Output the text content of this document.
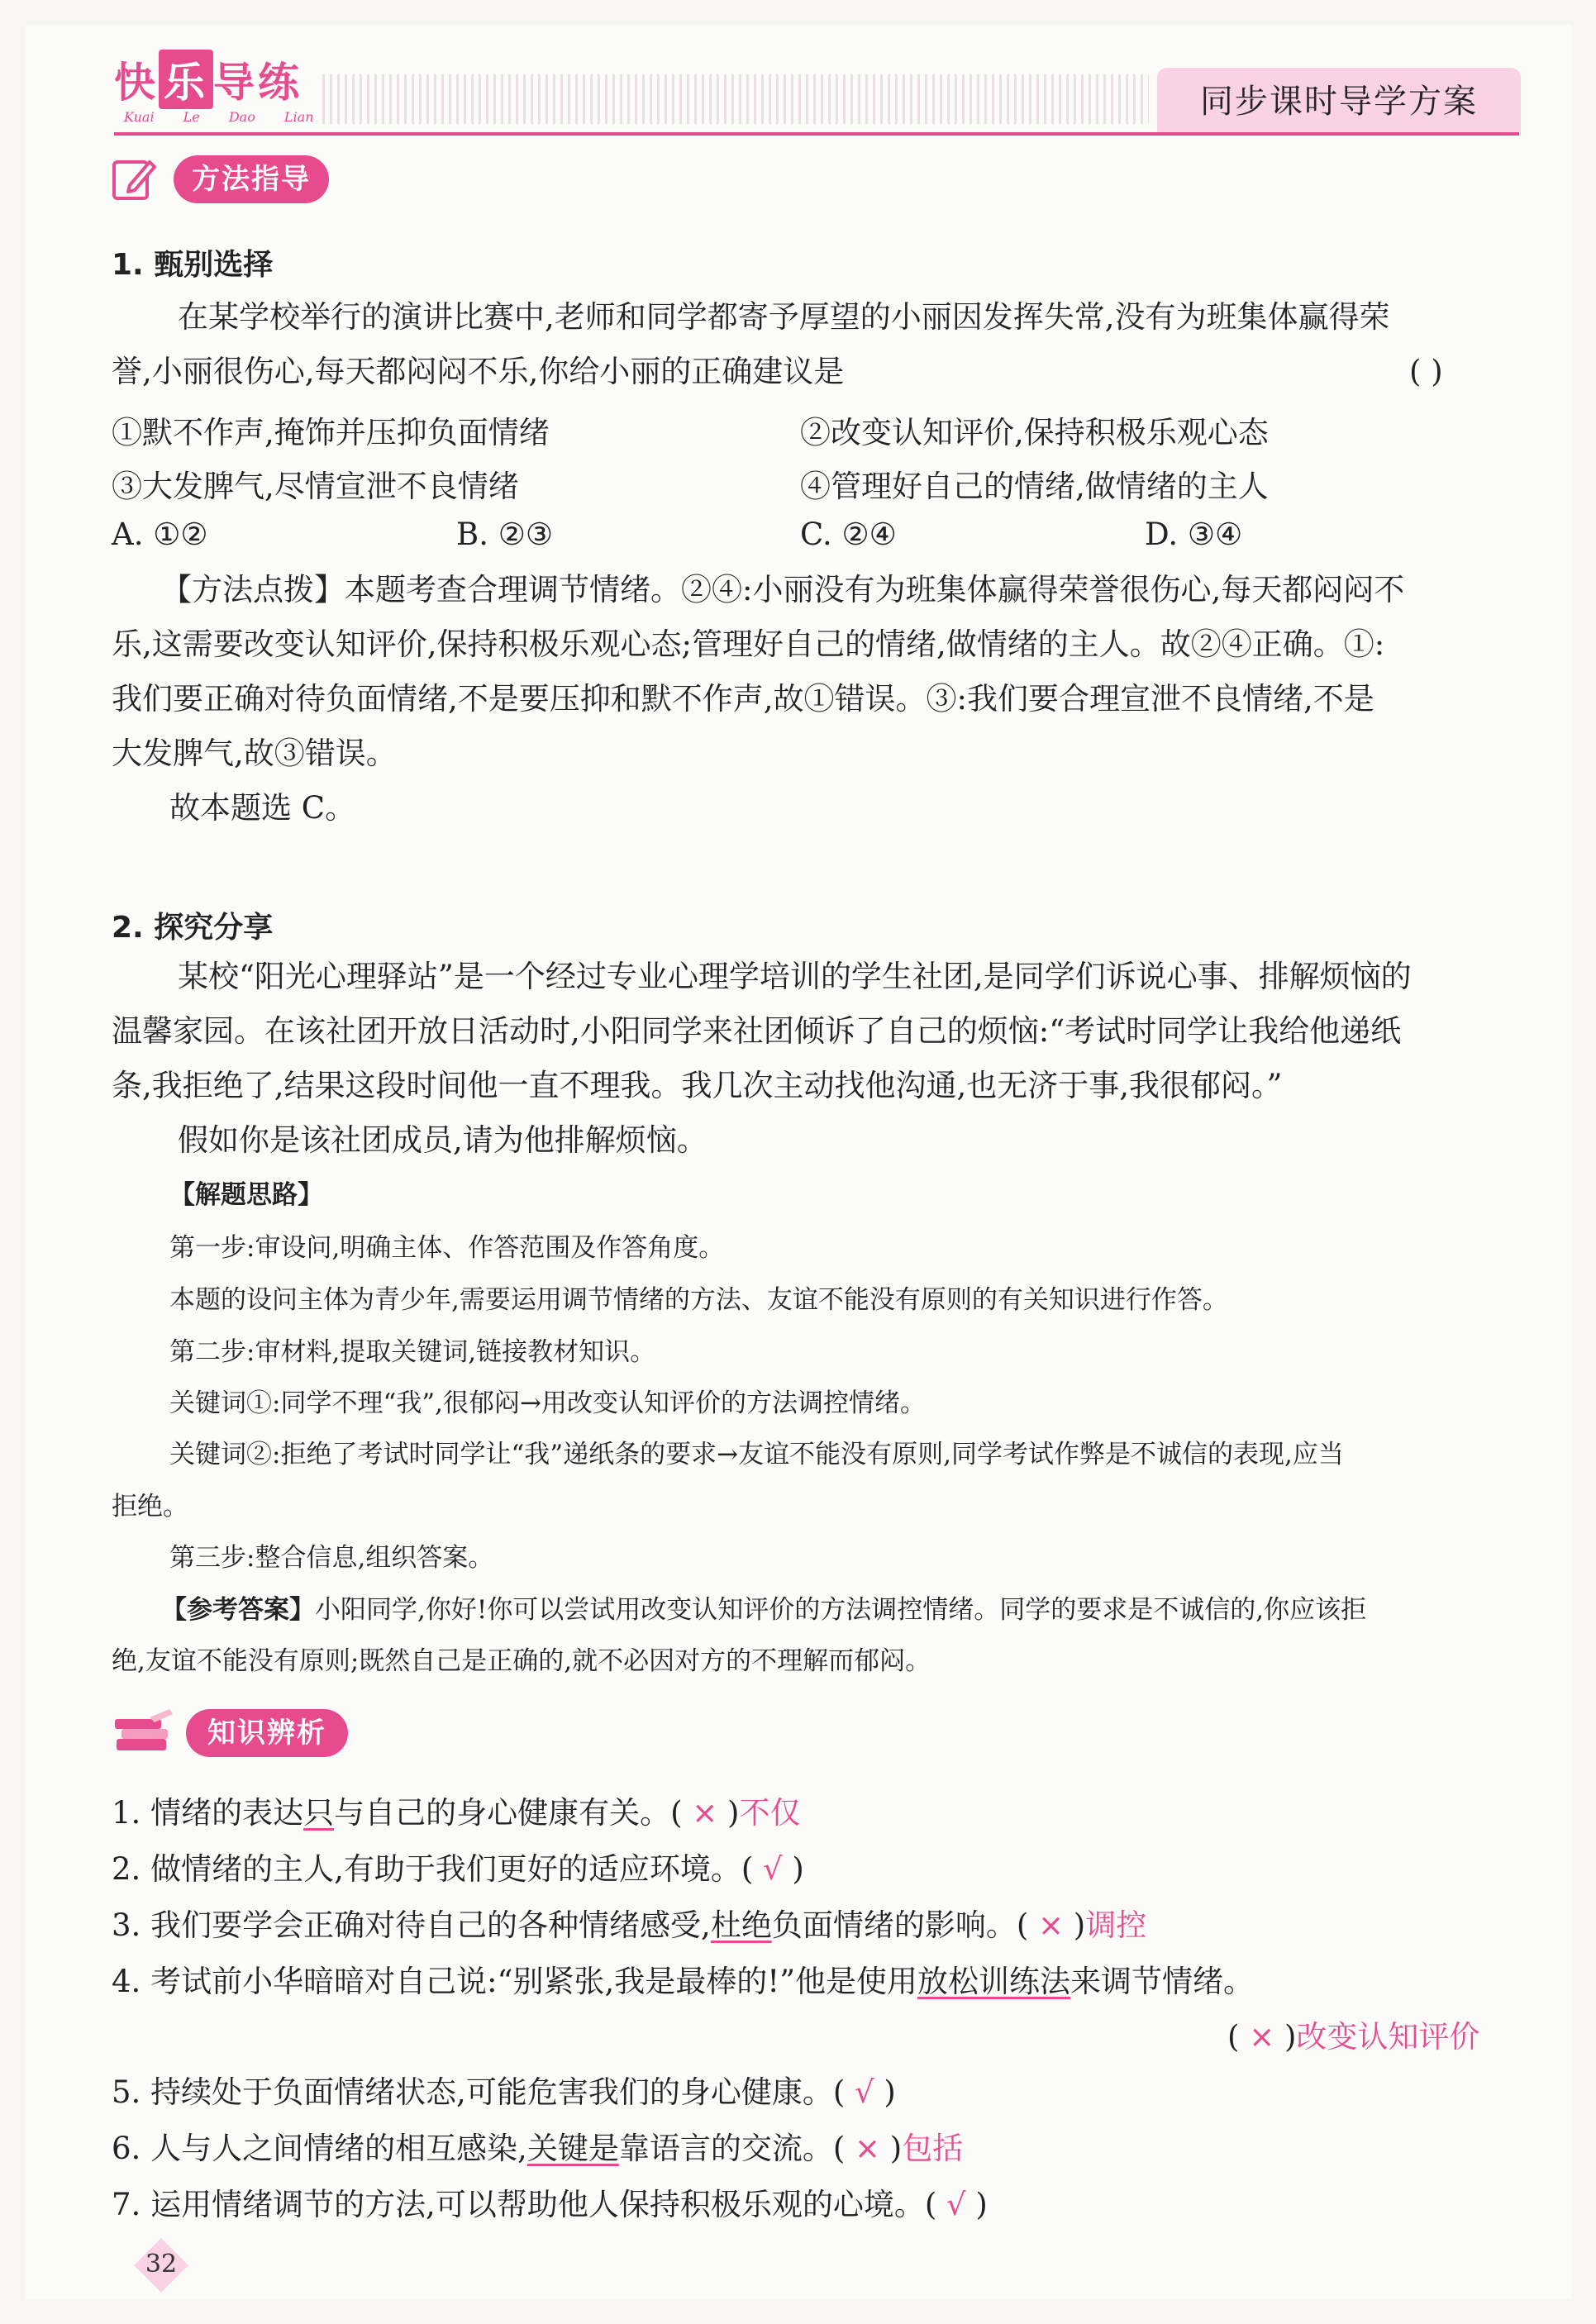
快 乐 导练
Kuai Le Dao Lian	同步课时导学方案
方法指导
1. 甄别选择
在某学校举行的演讲比赛中,老师和同学都寄予厚望的小丽因发挥失常,没有为班集体赢得荣
誉,小丽很伤心,每天都闷闷不乐,你给小丽的正确建议是	( )
①默不作声,掩饰并压抑负面情绪	②改变认知评价,保持积极乐观心态
③大发脾气,尽情宣泄不良情绪	④管理好自己的情绪,做情绪的主人
A. ①②	B. ②③	C. ②④	D. ③④
【方法点拨】本题考查合理调节情绪。②④:小丽没有为班集体赢得荣誉很伤心,每天都闷闷不
乐,这需要改变认知评价,保持积极乐观心态;管理好自己的情绪,做情绪的主人。故②④正确。①:
我们要正确对待负面情绪,不是要压抑和默不作声,故①错误。③:我们要合理宣泄不良情绪,不是
大发脾气,故③错误。
故本题选 C。
2. 探究分享
某校“阳光心理驿站”是一个经过专业心理学培训的学生社团,是同学们诉说心事、排解烦恼的
温馨家园。在该社团开放日活动时,小阳同学来社团倾诉了自己的烦恼:“考试时同学让我给他递纸
条,我拒绝了,结果这段时间他一直不理我。我几次主动找他沟通,也无济于事,我很郁闷。”
假如你是该社团成员,请为他排解烦恼。
【解题思路】
第一步:审设问,明确主体、作答范围及作答角度。
本题的设问主体为青少年,需要运用调节情绪的方法、友谊不能没有原则的有关知识进行作答。
第二步:审材料,提取关键词,链接教材知识。
关键词①:同学不理“我”,很郁闷→用改变认知评价的方法调控情绪。
关键词②:拒绝了考试时同学让“我”递纸条的要求→友谊不能没有原则,同学考试作弊是不诚信的表现,应当
拒绝。
第三步:整合信息,组织答案。
【参考答案】小阳同学,你好!你可以尝试用改变认知评价的方法调控情绪。同学的要求是不诚信的,你应该拒
绝,友谊不能没有原则;既然自己是正确的,就不必因对方的不理解而郁闷。
知识辨析
1. 情绪的表达只与自己的身心健康有关。( × )不仅
2. 做情绪的主人,有助于我们更好的适应环境。( √ )
3. 我们要学会正确对待自己的各种情绪感受,杜绝负面情绪的影响。( × )调控
( × )改变认知评价
4. 考试前小华暗暗对自己说:“别紧张,我是最棒的!”他是使用放松训练法来调节情绪。
5. 持续处于负面情绪状态,可能危害我们的身心健康。( √ )
6. 人与人之间情绪的相互感染,关键是靠语言的交流。( × )包括
7. 运用情绪调节的方法,可以帮助他人保持积极乐观的心境。( √ )
32
